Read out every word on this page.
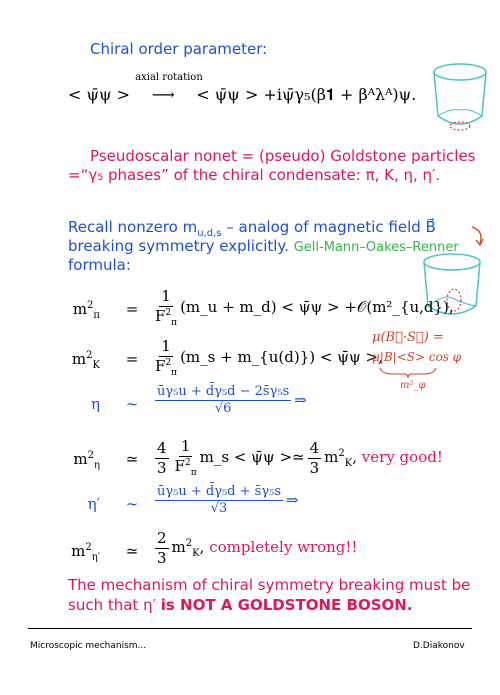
Chiral order parameter:
< ψ̄ψ >
axial rotation
⟶ < ψ̄ψ > +iψ̄γ₅(β𝟏 + βᴬλᴬ)ψ.
Pseudoscalar nonet = (pseudo) Goldstone particles
=“γ₅ phases” of the chiral condensate: π, K, η, η′.
Recall nonzero $m_{u,d,s}$ – analog of magnetic field B⃗
breaking symmetry explicitly. Gell-Mann–Oakes–Renner
formula:
$m^2_\pi = \frac{1}{F^2_\pi}$ (m_u + m_d) < ψ̄ψ > +𝒪(m²_{u,d}),
$m^2_K = \frac{1}{F^2_\pi}$ (m_s + m_{u(d)}) < ψ̄ψ >,
η ∼ $\frac{\text{ūγ₅u + d̄γ₅d − 2s̄γ₅s}}{√6}$ ⇒
$m^2_\eta$ ≃ $\frac{4}{3} \frac{1}{F^2_\pi}$ m_s < ψ̄ψ >≃ $\frac{4}{3} m^2_K$, very good!
η′ ∼ $\frac{\text{ūγ₅u + d̄γ₅d + s̄γ₅s}}{√3}$ ⇒
$m^2_{\eta'}$ ≃ $\frac{2}{3} m^2_K$, completely wrong!!
μ(B⃗·S⃗) =
μ|B|<S> cos φ
m²_φ
The mechanism of chiral symmetry breaking must be
such that η′ is NOT A GOLDSTONE BOSON.
Microscopic mechanism...	D.Diakonov
